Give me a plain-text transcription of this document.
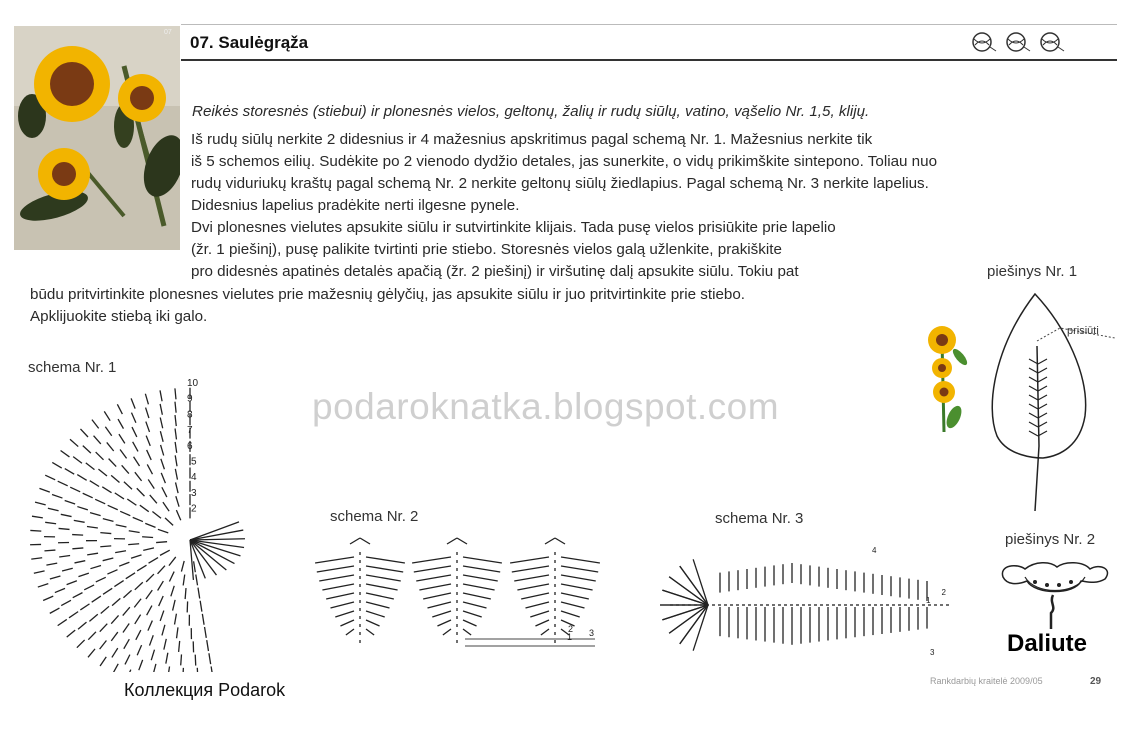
07
07. Saulėgrąža
Reikės storesnės (stiebui) ir plonesnės vielos, geltonų, žalių ir rudų siūlų, vatino, vąšelio Nr. 1,5, klijų.
Iš rudų siūlų nerkite 2 didesnius ir 4 mažesnius apskritimus pagal schemą Nr. 1. Mažesnius nerkite tik
iš 5 schemos eilių. Sudėkite po 2 vienodo dydžio detales, jas sunerkite, o vidų prikimškite sintepono. Toliau nuo
rudų viduriukų kraštų pagal schemą Nr. 2 nerkite geltonų siūlų žiedlapius. Pagal schemą Nr. 3 nerkite lapelius.
Didesnius lapelius pradėkite nerti ilgesne pynele.
Dvi plonesnes vielutes apsukite siūlu ir sutvirtinkite klijais. Tada pusę vielos prisiūkite prie lapelio
(žr. 1 piešinį), pusę palikite tvirtinti prie stiebo. Storesnės vielos galą užlenkite, prakiškite
pro didesnės apatinės detalės apačią (žr. 2 piešinį) ir viršutinę dalį apsukite siūlu. Tokiu pat
būdu pritvirtinkite plonesnes vielutes prie mažesnių gėlyčių, jas apsukite siūlu ir juo pritvirtinkite prie stiebo.
Apklijuokite stiebą iki galo.
podaroknatka.blogspot.com
schema Nr. 1
10
9
8
7
6
5
4
3
2	schema Nr. 2
1
2 3
schema Nr. 3
4
1
2
3
piešinys Nr. 1
prisiūti
piešinys Nr. 2
Коллекция Podarok
Daliute
Rankdarbių kraitelė 2009/05	29
